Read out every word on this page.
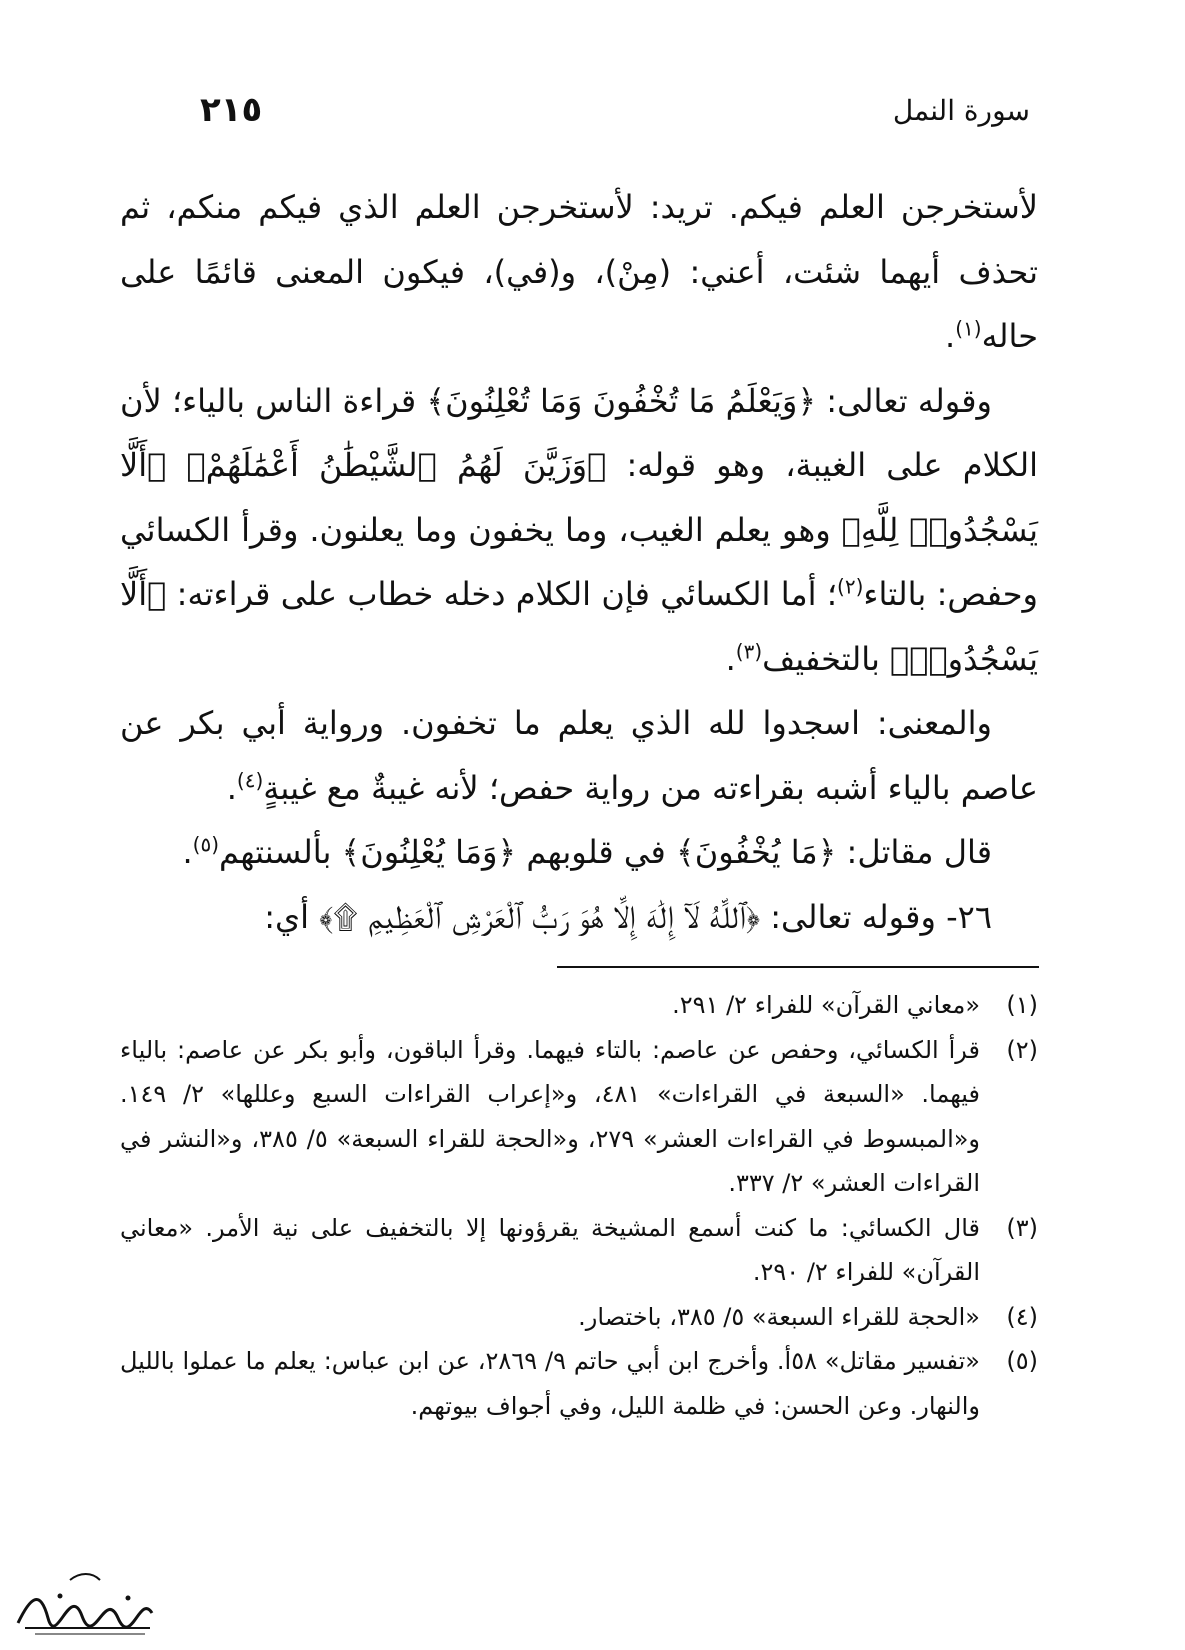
سورة النمل
٢١٥

لأستخرجن العلم فيكم. تريد: لأستخرجن العلم الذي فيكم منكم، ثم تحذف أيهما شئت، أعني: (مِنْ)، و(في)، فيكون المعنى قائمًا على حاله$^{(١)}$.

وقوله تعالى: ﴿وَيَعْلَمُ مَا تُخْفُونَ وَمَا تُعْلِنُونَ﴾ قراءة الناس بالياء؛ لأن الكلام على الغيبة، وهو قوله: ﴿وَزَيَّنَ لَهُمُ ٱلشَّيْطَٰنُ أَعْمَٰلَهُمْ﴾ ﴿أَلَّا يَسْجُدُوا۟ لِلَّهِ﴾ وهو يعلم الغيب، وما يخفون وما يعلنون. وقرأ الكسائي وحفص: بالتاء$^{(٢)}$؛ أما الكسائي فإن الكلام دخله خطاب على قراءته: ﴿أَلَّا يَسْجُدُوا۟﴾ بالتخفيف$^{(٣)}$.

والمعنى: اسجدوا لله الذي يعلم ما تخفون. ورواية أبي بكر عن عاصم بالياء أشبه بقراءته من رواية حفص؛ لأنه غيبةٌ مع غيبةٍ$^{(٤)}$.

قال مقاتل: ﴿مَا يُخْفُونَ﴾ في قلوبهم ﴿وَمَا يُعْلِنُونَ﴾ بألسنتهم$^{(٥)}$.

٢٦- وقوله تعالى: ﴿ٱللَّهُ لَآ إِلَٰهَ إِلَّا هُوَ رَبُّ ٱلْعَرْشِ ٱلْعَظِيمِ ۩﴾ أي:

(١)
«معاني القرآن» للفراء ٢/ ٢٩١.

(٢)
قرأ الكسائي، وحفص عن عاصم: بالتاء فيهما. وقرأ الباقون، وأبو بكر عن عاصم: بالياء فيهما. «السبعة في القراءات» ٤٨١، و«إعراب القراءات السبع وعللها» ٢/ ١٤٩. و«المبسوط في القراءات العشر» ٢٧٩، و«الحجة للقراء السبعة» ٥/ ٣٨٥، و«النشر في القراءات العشر» ٢/ ٣٣٧.

(٣)
قال الكسائي: ما كنت أسمع المشيخة يقرؤونها إلا بالتخفيف على نية الأمر. «معاني القرآن» للفراء ٢/ ٢٩٠.

(٤)
«الحجة للقراء السبعة» ٥/ ٣٨٥، باختصار.

(٥)
«تفسير مقاتل» ٥٨أ. وأخرج ابن أبي حاتم ٩/ ٢٨٦٩، عن ابن عباس: يعلم ما عملوا بالليل والنهار. وعن الحسن: في ظلمة الليل، وفي أجواف بيوتهم.
